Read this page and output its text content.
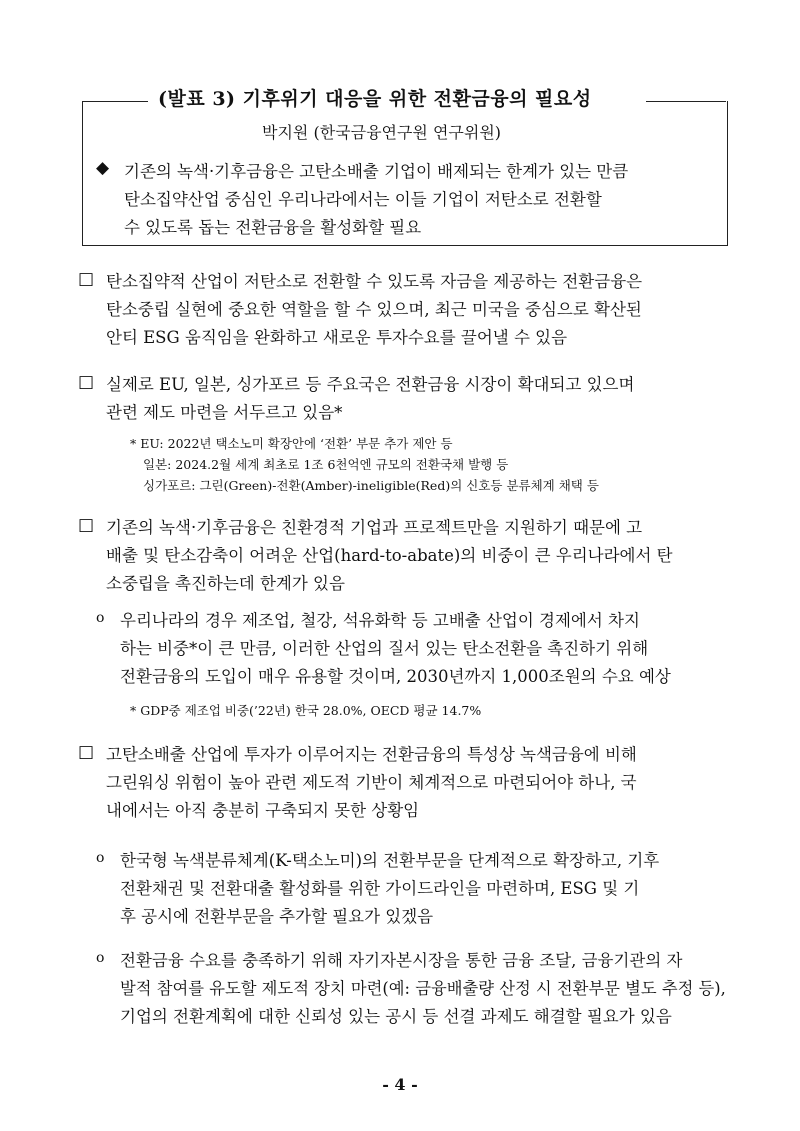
(발표 3) 기후위기 대응을 위한 전환금융의 필요성
박지원 (한국금융연구원 연구위원)
◆ 기존의 녹색·기후금융은 고탄소배출 기업이 배제되는 한계가 있는 만큼
탄소집약산업 중심인 우리나라에서는 이들 기업이 저탄소로 전환할
수 있도록 돕는 전환금융을 활성화할 필요
□ 탄소집약적 산업이 저탄소로 전환할 수 있도록 자금을 제공하는 전환금융은
탄소중립 실현에 중요한 역할을 할 수 있으며, 최근 미국을 중심으로 확산된
안티 ESG 움직임을 완화하고 새로운 투자수요를 끌어낼 수 있음
□ 실제로 EU, 일본, 싱가포르 등 주요국은 전환금융 시장이 확대되고 있으며
관련 제도 마련을 서두르고 있음*
* EU: 2022년 택소노미 확장안에 ‘전환’ 부문 추가 제안 등
일본: 2024.2월 세계 최초로 1조 6천억엔 규모의 전환국채 발행 등
싱가포르: 그린(Green)-전환(Amber)-ineligible(Red)의 신호등 분류체계 채택 등
□ 기존의 녹색·기후금융은 친환경적 기업과 프로젝트만을 지원하기 때문에 고
배출 및 탄소감축이 어려운 산업(hard-to-abate)의 비중이 큰 우리나라에서 탄
소중립을 촉진하는데 한계가 있음
o 우리나라의 경우 제조업, 철강, 석유화학 등 고배출 산업이 경제에서 차지
하는 비중*이 큰 만큼, 이러한 산업의 질서 있는 탄소전환을 촉진하기 위해
전환금융의 도입이 매우 유용할 것이며, 2030년까지 1,000조원의 수요 예상
* GDP중 제조업 비중(’22년) 한국 28.0%, OECD 평균 14.7%
□ 고탄소배출 산업에 투자가 이루어지는 전환금융의 특성상 녹색금융에 비해
그린워싱 위험이 높아 관련 제도적 기반이 체계적으로 마련되어야 하나, 국
내에서는 아직 충분히 구축되지 못한 상황임
o 한국형 녹색분류체계(K-택소노미)의 전환부문을 단계적으로 확장하고, 기후
전환채권 및 전환대출 활성화를 위한 가이드라인을 마련하며, ESG 및 기
후 공시에 전환부문을 추가할 필요가 있겠음
o 전환금융 수요를 충족하기 위해 자기자본시장을 통한 금융 조달, 금융기관의 자
발적 참여를 유도할 제도적 장치 마련(예: 금융배출량 산정 시 전환부문 별도 추정 등),
기업의 전환계획에 대한 신뢰성 있는 공시 등 선결 과제도 해결할 필요가 있음
- 4 -
